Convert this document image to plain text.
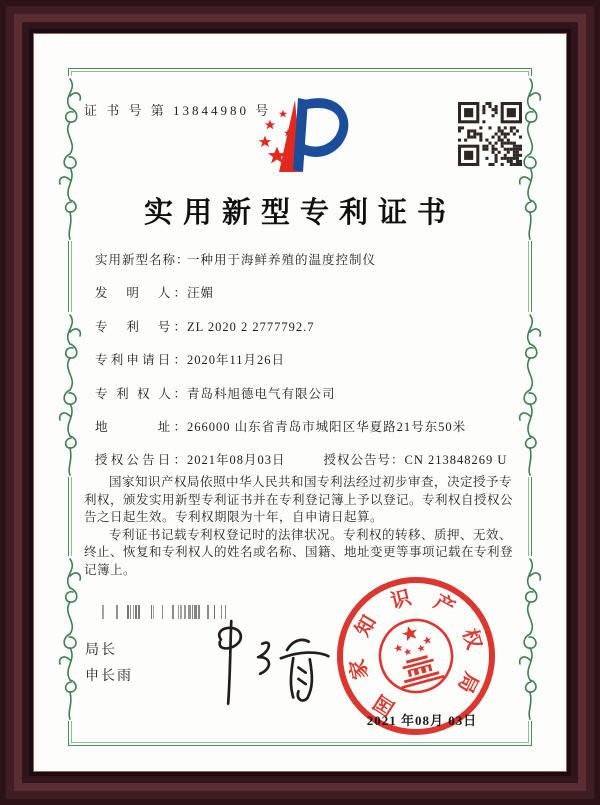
证 书 号 第 13844980 号
实用新型专利证书
实用新型名称：
一种用于海鲜养殖的温度控制仪
发　明　人： 汪媚
专　利　号： ZL 2020 2 2777792.7
专利申请日： 2020年11月26日
专 利 权 人： 青岛科旭德电气有限公司
地　　　址： 266000 山东省青岛市城阳区华夏路21号东50米
授权公告日： 2021年08月03日	授权公告号： CN 213848269 U

国家知识产权局依照中华人民共和国专利法经过初步审查，决定授予专利权，颁发实用新型专利证书并在专利登记簿上予以登记。专利权自授权公告之日起生效。专利权期限为十年，自申请日起算。

专利证书记载专利权登记时的法律状况。专利权的转移、质押、无效、终止、恢复和专利权人的姓名或名称、国籍、地址变更等事项记载在专利登记簿上。

局长
申长雨
2021 年08月 03日
国
家
知
识 产
权
局
